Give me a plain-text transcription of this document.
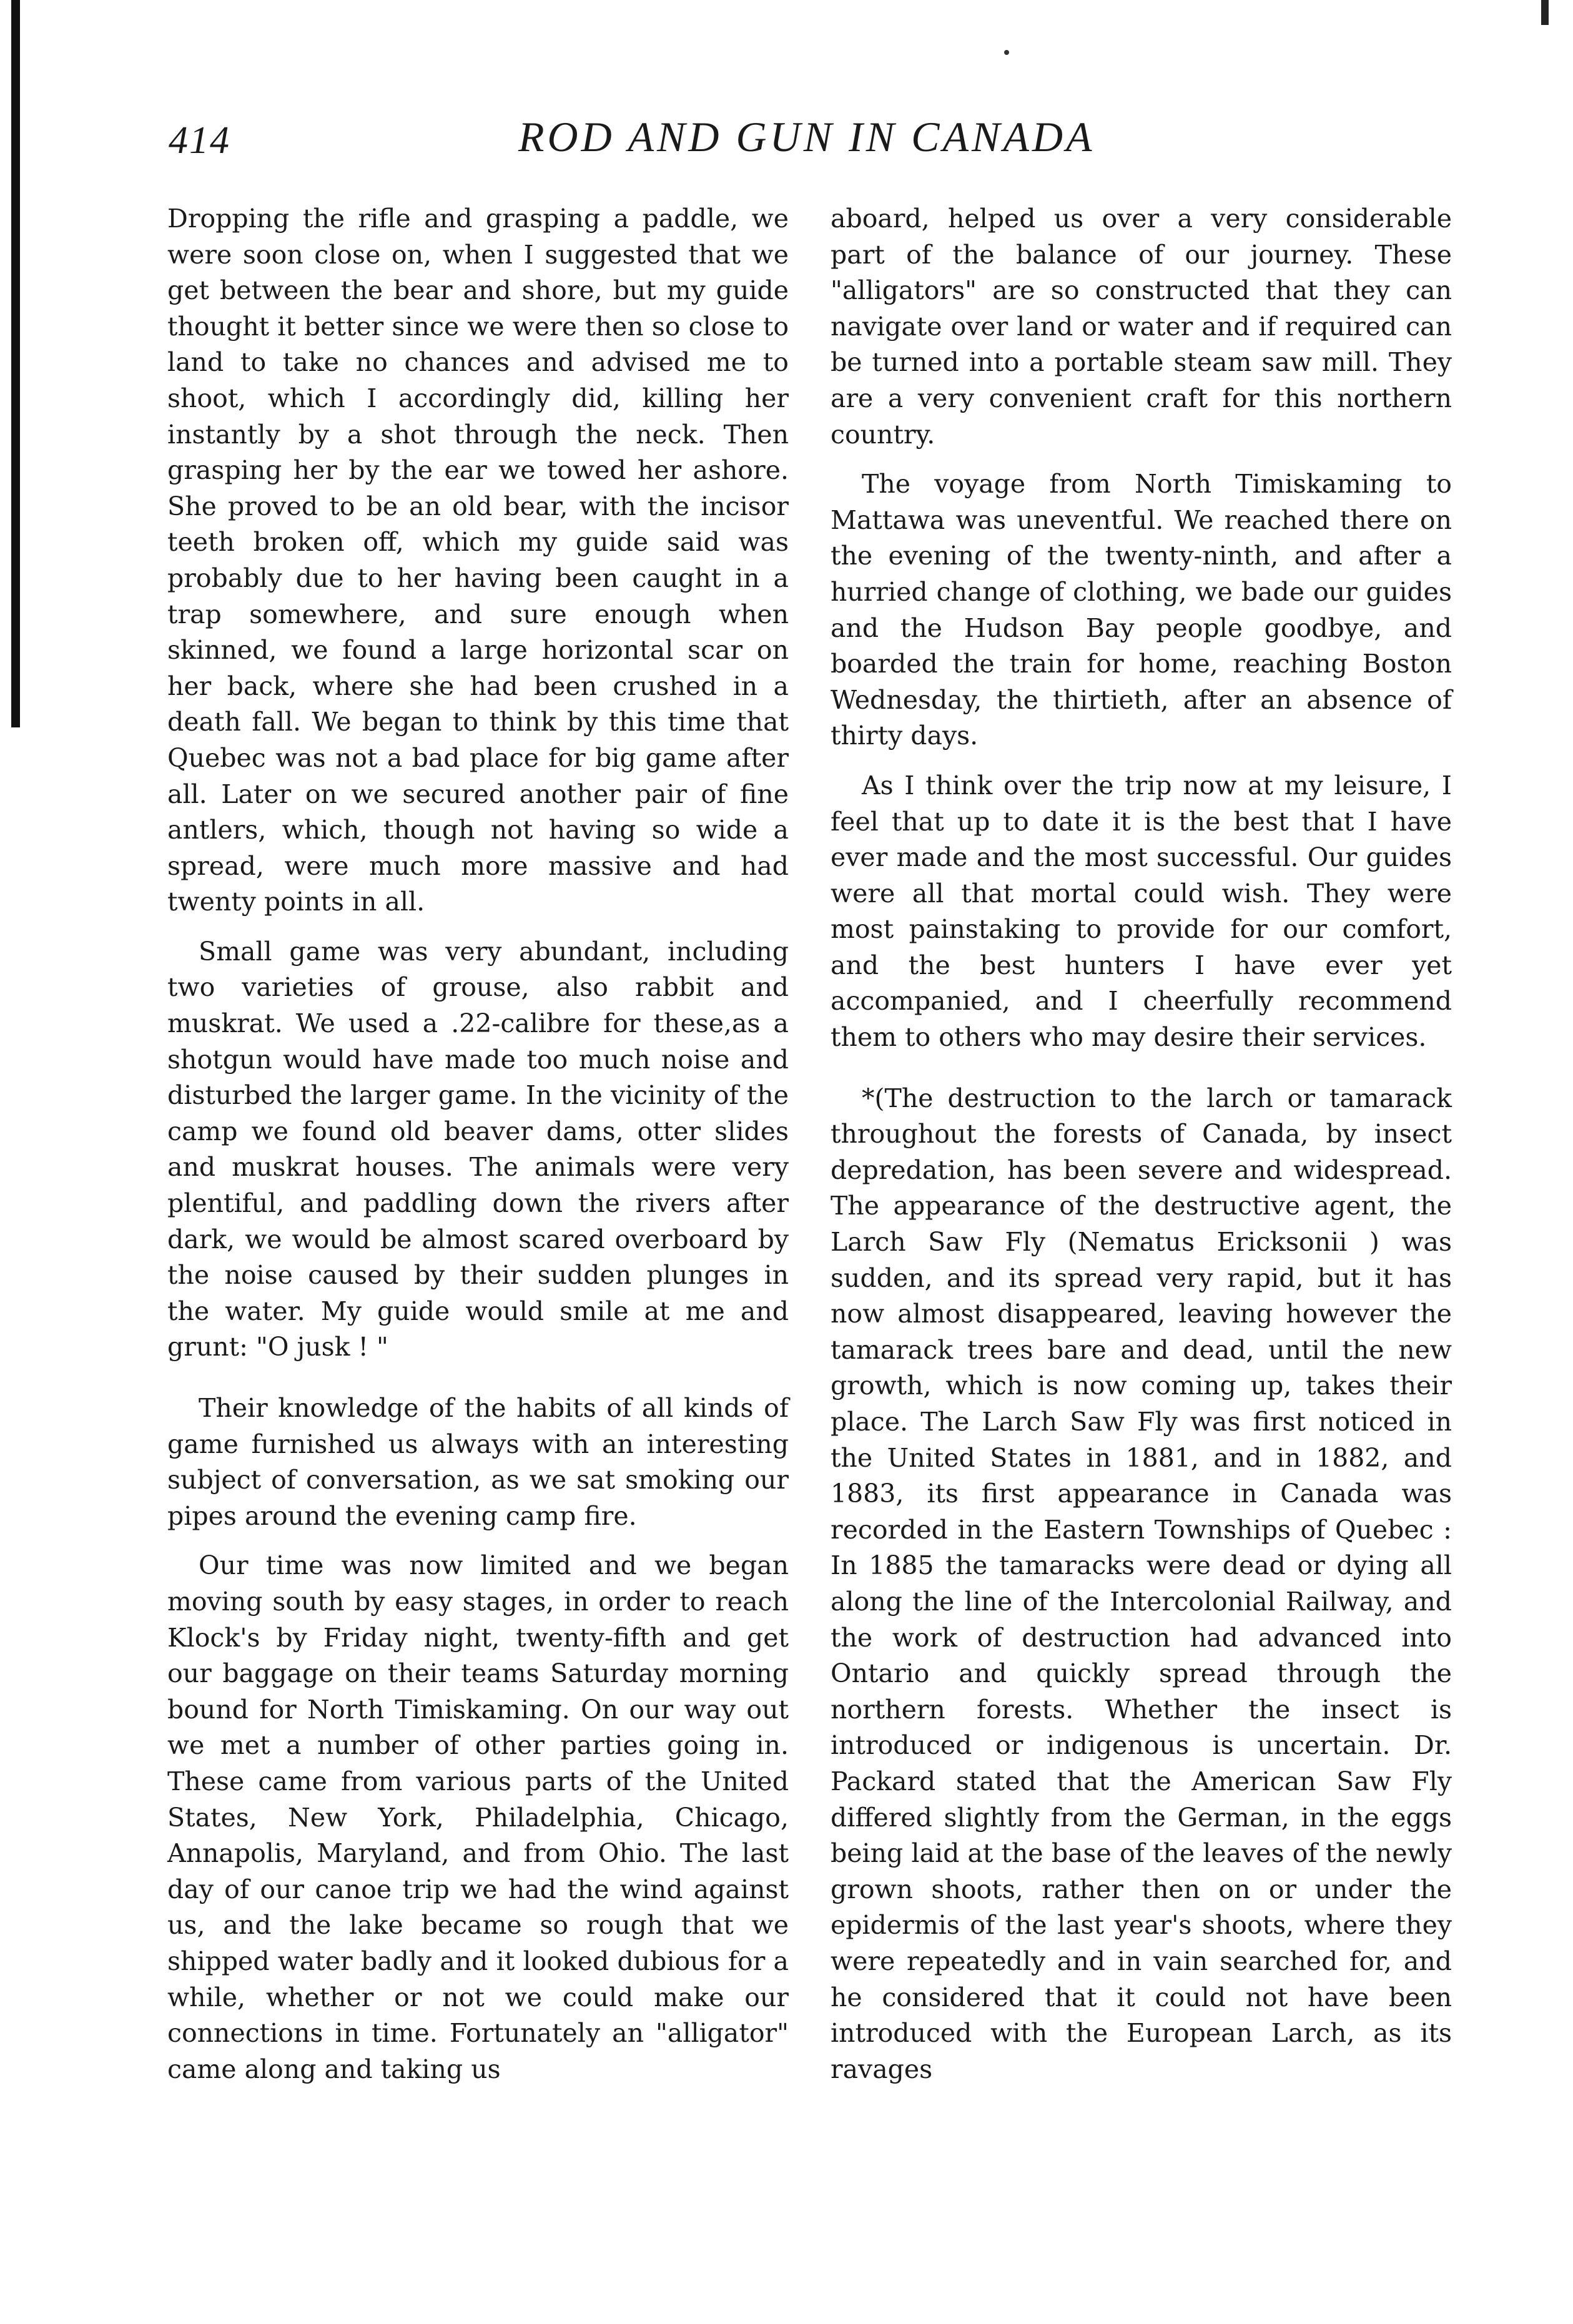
414	ROD AND GUN IN CANADA

Dropping the rifle and grasping a paddle, we were soon close on, when I suggested that we get between the bear and shore, but my guide thought it better since we were then so close to land to take no chances and advised me to shoot, which I accordingly did, killing her instantly by a shot through the neck. Then grasping her by the ear we towed her ashore. She proved to be an old bear, with the incisor teeth broken off, which my guide said was probably due to her having been caught in a trap somewhere, and sure enough when skinned, we found a large horizontal scar on her back, where she had been crushed in a death fall. We began to think by this time that Quebec was not a bad place for big game after all. Later on we secured another pair of fine antlers, which, though not having so wide a spread, were much more massive and had twenty points in all.

Small game was very abundant, including two varieties of grouse, also rabbit and muskrat. We used a .22-calibre for these,as a shotgun would have made too much noise and disturbed the larger game. In the vicinity of the camp we found old beaver dams, otter slides and muskrat houses. The animals were very plentiful, and paddling down the rivers after dark, we would be almost scared overboard by the noise caused by their sudden plunges in the water. My guide would smile at me and grunt: "O jusk ! "

Their knowledge of the habits of all kinds of game furnished us always with an interesting subject of conversation, as we sat smoking our pipes around the evening camp fire.

Our time was now limited and we began moving south by easy stages, in order to reach Klock's by Friday night, twenty-fifth and get our baggage on their teams Saturday morning bound for North Timiskaming. On our way out we met a number of other parties going in. These came from various parts of the United States, New York, Philadelphia, Chicago, Annapolis, Maryland, and from Ohio. The last day of our canoe trip we had the wind against us, and the lake became so rough that we shipped water badly and it looked dubious for a while, whether or not we could make our connections in time. Fortunately an "alligator" came along and taking us

aboard, helped us over a very considerable part of the balance of our journey. These "alligators" are so constructed that they can navigate over land or water and if required can be turned into a portable steam saw mill. They are a very convenient craft for this northern country.

The voyage from North Timiskaming to Mattawa was uneventful. We reached there on the evening of the twenty-ninth, and after a hurried change of clothing, we bade our guides and the Hudson Bay people goodbye, and boarded the train for home, reaching Boston Wednesday, the thirtieth, after an absence of thirty days.

As I think over the trip now at my leisure, I feel that up to date it is the best that I have ever made and the most successful. Our guides were all that mortal could wish. They were most painstaking to provide for our comfort, and the best hunters I have ever yet accompanied, and I cheerfully recommend them to others who may desire their services.

*(The destruction to the larch or tamarack throughout the forests of Canada, by insect depredation, has been severe and widespread. The appearance of the destructive agent, the Larch Saw Fly (Nematus Ericksonii ) was sudden, and its spread very rapid, but it has now almost disappeared, leaving however the tamarack trees bare and dead, until the new growth, which is now coming up, takes their place. The Larch Saw Fly was first noticed in the United States in 1881, and in 1882, and 1883, its first appearance in Canada was recorded in the Eastern Townships of Quebec : In 1885 the tamaracks were dead or dying all along the line of the Intercolonial Railway, and the work of destruction had advanced into Ontario and quickly spread through the northern forests. Whether the insect is introduced or indigenous is uncertain. Dr. Packard stated that the American Saw Fly differed slightly from the German, in the eggs being laid at the base of the leaves of the newly grown shoots, rather then on or under the epidermis of the last year's shoots, where they were repeatedly and in vain searched for, and he considered that it could not have been introduced with the European Larch, as its ravages
